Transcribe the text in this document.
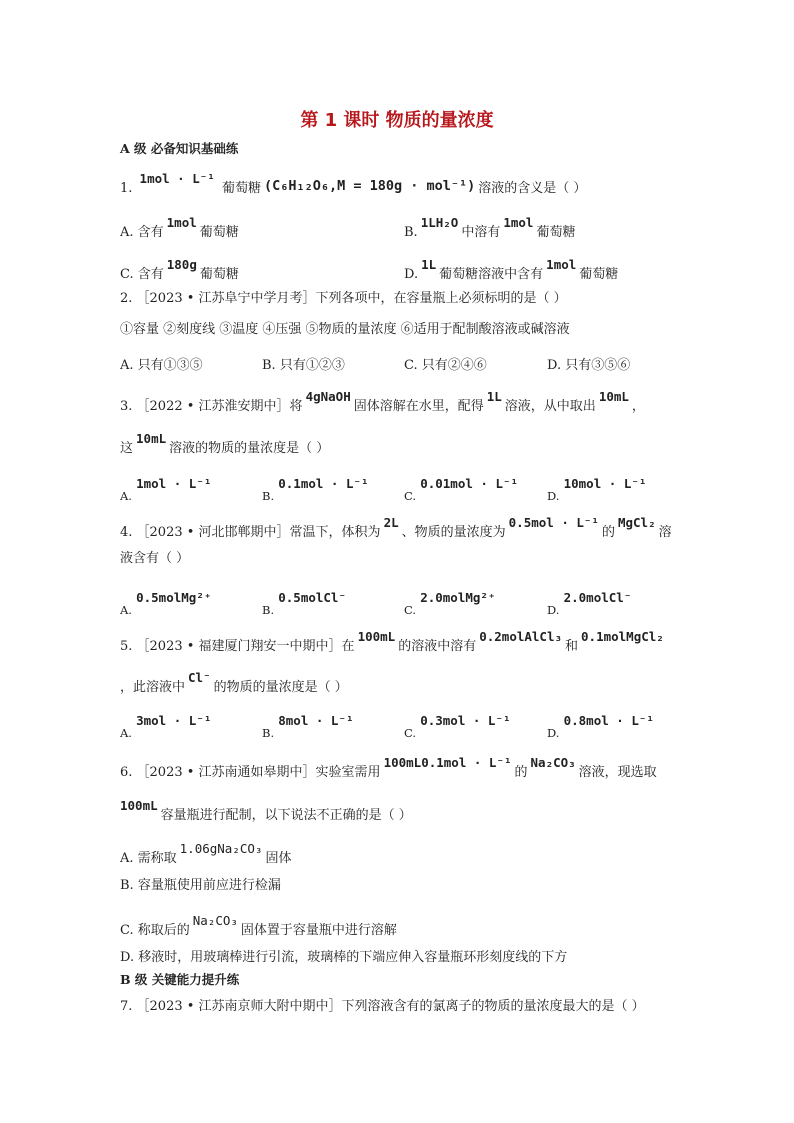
第 1 课时 物质的量浓度
A 级 必备知识基础练
1. 1mol · L⁻¹ 葡萄糖 (C₆H₁₂O₆,M = 180g · mol⁻¹) 溶液的含义是（ ）
A. 含有1mol葡萄糖	B.1LH₂O中溶有1mol葡萄糖
C. 含有180g葡萄糖	D.1L葡萄糖溶液中含有1mol葡萄糖
2. ［2023 • 江苏阜宁中学月考］下列各项中，在容量瓶上必须标明的是（ ）
①容量 ②刻度线 ③温度 ④压强 ⑤物质的量浓度 ⑥适用于配制酸溶液或碱溶液
A. 只有①③⑤	B. 只有①②③	C. 只有②④⑥	D. 只有③⑤⑥
3. ［2022 • 江苏淮安期中］将4gNaOH固体溶解在水里，配得1L溶液，从中取出10mL，
这10mL溶液的物质的量浓度是（ ）
A. 1mol · L⁻¹
B. 0.1mol · L⁻¹
C. 0.01mol · L⁻¹
D. 10mol · L⁻¹
4. ［2023 • 河北邯郸期中］常温下，体积为2L、物质的量浓度为0.5mol · L⁻¹的MgCl₂溶
液含有（ ）
A. 0.5molMg²⁺
B. 0.5molCl⁻
C. 2.0molMg²⁺
D. 2.0molCl⁻
5. ［2023 • 福建厦门翔安一中期中］在100mL的溶液中溶有0.2molAlCl₃和0.1molMgCl₂
，此溶液中Cl⁻的物质的量浓度是（ ）
A. 3mol · L⁻¹
B. 8mol · L⁻¹
C. 0.3mol · L⁻¹
D. 0.8mol · L⁻¹
6. ［2023 • 江苏南通如皋期中］实验室需用100mL0.1mol · L⁻¹的Na₂CO₃溶液，现选取
100mL容量瓶进行配制，以下说法不正确的是（ ）
A. 需称取1.06gNa₂CO₃固体
B. 容量瓶使用前应进行检漏
C. 称取后的Na₂CO₃固体置于容量瓶中进行溶解
D. 移液时，用玻璃棒进行引流，玻璃棒的下端应伸入容量瓶环形刻度线的下方
B 级 关键能力提升练
7. ［2023 • 江苏南京师大附中期中］下列溶液含有的氯离子的物质的量浓度最大的是（ ）
